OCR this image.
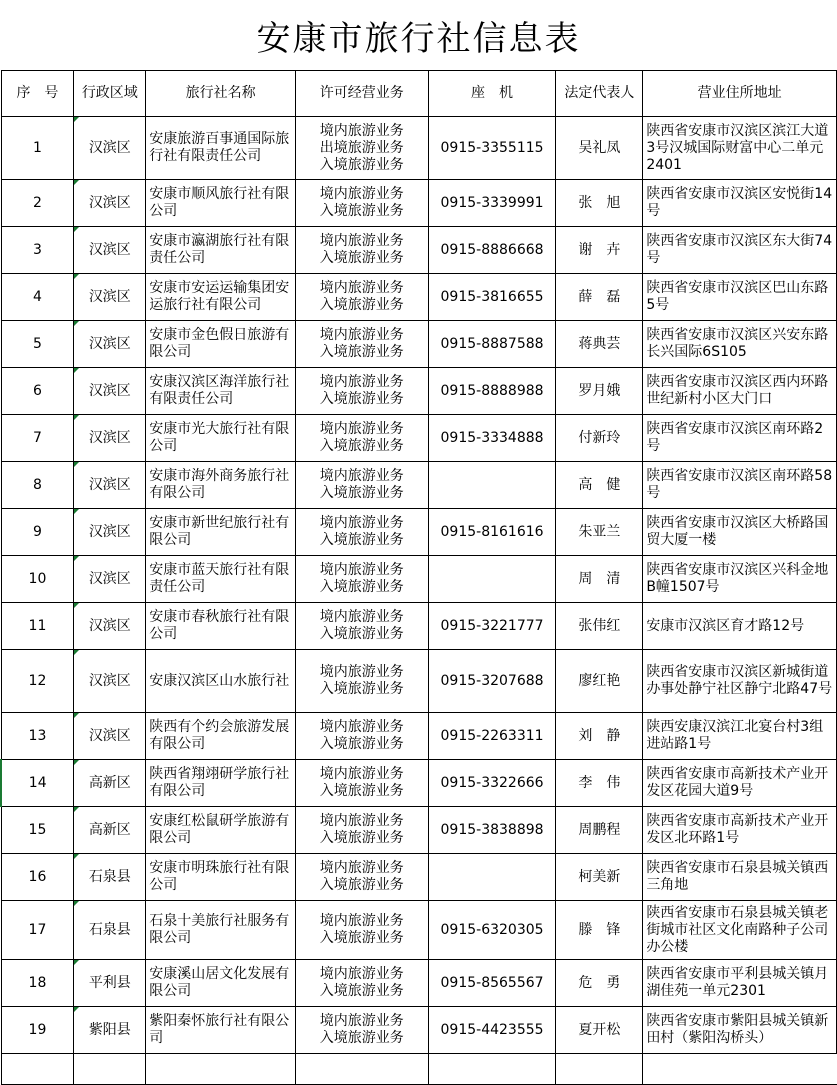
安康市旅行社信息表
序　号	行政区域	旅行社名称	许可经营业务	座　机	法定代表人	营业住所地址
1	汉滨区	安康旅游百事通国际旅行社有限责任公司	境内旅游业务
出境旅游业务
入境旅游业务	0915-3355115	吴礼凤	陕西省安康市汉滨区滨江大道3号汉城国际财富中心二单元2401
2	汉滨区	安康市顺风旅行社有限公司	境内旅游业务
入境旅游业务	0915-3339991	张　旭	陕西省安康市汉滨区安悦街14号
3	汉滨区	安康市瀛湖旅行社有限责任公司	境内旅游业务
入境旅游业务	0915-8886668	谢　卉	陕西省安康市汉滨区东大街74号
4	汉滨区	安康市安运运输集团安运旅行社有限公司	境内旅游业务
入境旅游业务	0915-3816655	薛　磊	陕西省安康市汉滨区巴山东路5号
5	汉滨区	安康市金色假日旅游有限公司	境内旅游业务
入境旅游业务	0915-8887588	蒋典芸	陕西省安康市汉滨区兴安东路长兴国际6S105
6	汉滨区	安康汉滨区海洋旅行社有限责任公司	境内旅游业务
入境旅游业务	0915-8888988	罗月娥	陕西省安康市汉滨区西内环路世纪新村小区大门口
7	汉滨区	安康市光大旅行社有限公司	境内旅游业务
入境旅游业务	0915-3334888	付新玲	陕西省安康市汉滨区南环路2号
8	汉滨区	安康市海外商务旅行社有限公司	境内旅游业务
入境旅游业务		高　健	陕西省安康市汉滨区南环路58号
9	汉滨区	安康市新世纪旅行社有限公司	境内旅游业务
入境旅游业务	0915-8161616	朱亚兰	陕西省安康市汉滨区大桥路国贸大厦一楼
10	汉滨区	安康市蓝天旅行社有限责任公司	境内旅游业务
入境旅游业务		周　清	陕西省安康市汉滨区兴科金地B幢1507号
11	汉滨区	安康市春秋旅行社有限公司	境内旅游业务
入境旅游业务	0915-3221777	张伟红	安康市汉滨区育才路12号
12	汉滨区	安康汉滨区山水旅行社	境内旅游业务
入境旅游业务	0915-3207688	廖红艳	陕西省安康市汉滨区新城街道办事处静宁社区静宁北路47号
13	汉滨区	陕西有个约会旅游发展有限公司	境内旅游业务
入境旅游业务	0915-2263311	刘　静	陕西安康汉滨江北宴台村3组进站路1号
14	高新区	陕西省翔翊研学旅行社有限公司	境内旅游业务
入境旅游业务	0915-3322666	李　伟	陕西省安康市高新技术产业开发区花园大道9号
15	高新区	安康红松鼠研学旅游有限公司	境内旅游业务
入境旅游业务	0915-3838898	周鹏程	陕西省安康市高新技术产业开发区北环路1号
16	石泉县	安康市明珠旅行社有限公司	境内旅游业务
入境旅游业务		柯美新	陕西省安康市石泉县城关镇西三角地
17	石泉县	石泉十美旅行社服务有限公司	境内旅游业务
入境旅游业务	0915-6320305	滕　锋	陕西省安康市石泉县城关镇老街城市社区文化南路种子公司办公楼
18	平利县	安康溪山居文化发展有限公司	境内旅游业务
入境旅游业务	0915-8565567	危　勇	陕西省安康市平利县城关镇月湖佳苑一单元2301
19	紫阳县	紫阳秦怀旅行社有限公司	境内旅游业务
入境旅游业务	0915-4423555	夏开松	陕西省安康市紫阳县城关镇新田村（紫阳沟桥头）
